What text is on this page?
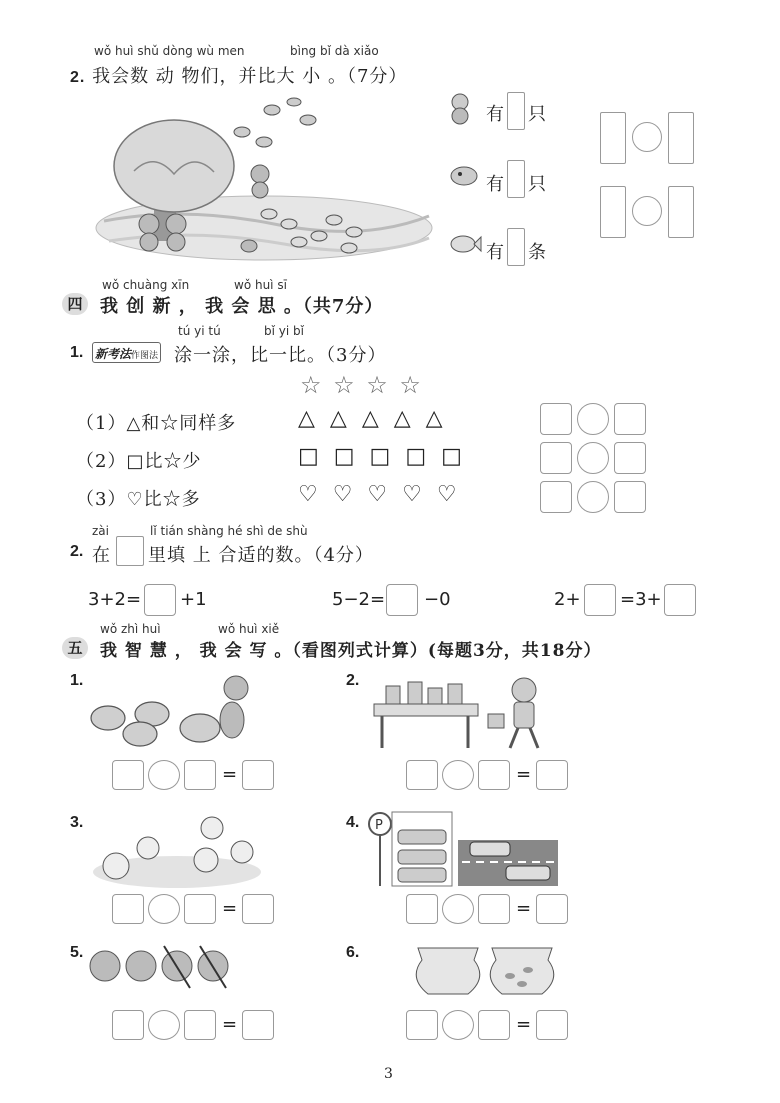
wǒ huì shǔ dòng wù men	bìng bǐ dà xiǎo
2. 我会数 动 物们，并比大 小 。（7分）
有 只
有 只
有 条
wǒ chuàng xīn	wǒ huì sī
四 我 创 新 ， 我 会 思 。（共7分）
tú yi tú	bǐ yi bǐ
1. 新考法作图法 涂一涂，比一比。（3分）
☆ ☆ ☆ ☆
（1）△和☆同样多	△ △ △ △ △
（2）□比☆少	□ □ □ □ □
（3）♡比☆多	♡ ♡ ♡ ♡ ♡
zài	lǐ tián shàng hé shì de shù
2. 在 里填 上 合适的数。（4分）
3+2= +1	5−2= −0	2+ =3+
wǒ zhì huì	wǒ huì xiě
五	我 智 慧 ， 我 会 写 。（看图列式计算）(每题3分，共18分）
1.	2.
3.	4.
5.	6.
P
=	=
=	=
=	=
3
